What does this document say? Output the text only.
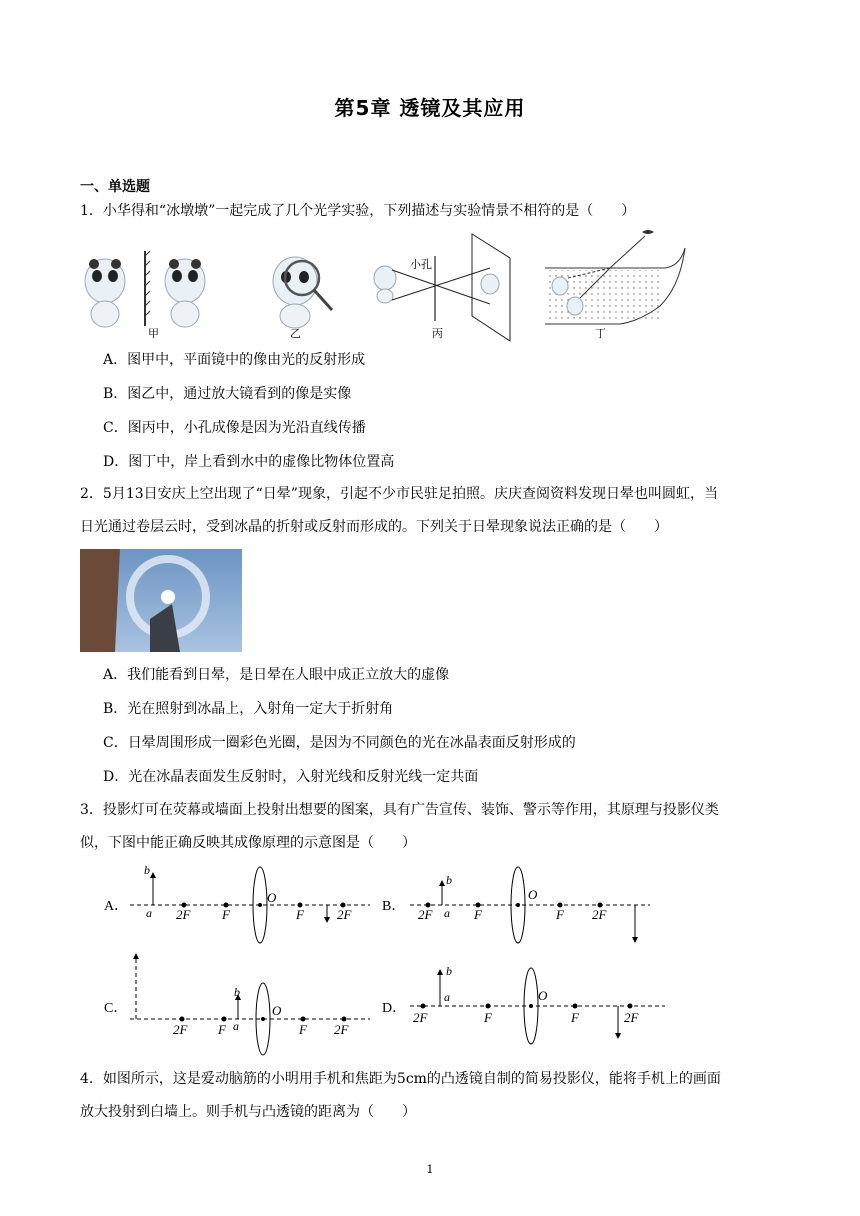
第5章 透镜及其应用
一、单选题
1．小华得和“冰墩墩”一起完成了几个光学实验，下列描述与实验情景不相符的是（　　）
甲	乙
小孔
丙	丁
A．图甲中，平面镜中的像由光的反射形成
B．图乙中，通过放大镜看到的像是实像
C．图丙中，小孔成像是因为光沿直线传播
D．图丁中，岸上看到水中的虚像比物体位置高
2．5月13日安庆上空出现了“日晕”现象，引起不少市民驻足拍照。庆庆查阅资料发现日晕也叫圆虹，当
日光通过卷层云时，受到冰晶的折射或反射而形成的。下列关于日晕现象说法正确的是（　　）
A．我们能看到日晕，是日晕在人眼中成正立放大的虚像
B．光在照射到冰晶上，入射角一定大于折射角
C．日晕周围形成一圈彩色光圈，是因为不同颜色的光在冰晶表面反射形成的
D．光在冰晶表面发生反射时，入射光线和反射光线一定共面
3．投影灯可在荧幕或墙面上投射出想要的图案，具有广告宣传、装饰、警示等作用，其原理与投影仪类
似，下图中能正确反映其成像原理的示意图是（　　）
A．
b
a 2F F
O
F	2F
B．
b
a
2F	F
O
F 2F
C．
b
a
2F F
O
F 2F
D．
b
a
2F	F
O
F	2F
4．如图所示，这是爱动脑筋的小明用手机和焦距为5cm的凸透镜自制的简易投影仪，能将手机上的画面
放大投射到白墙上。则手机与凸透镜的距离为（　　）
1
